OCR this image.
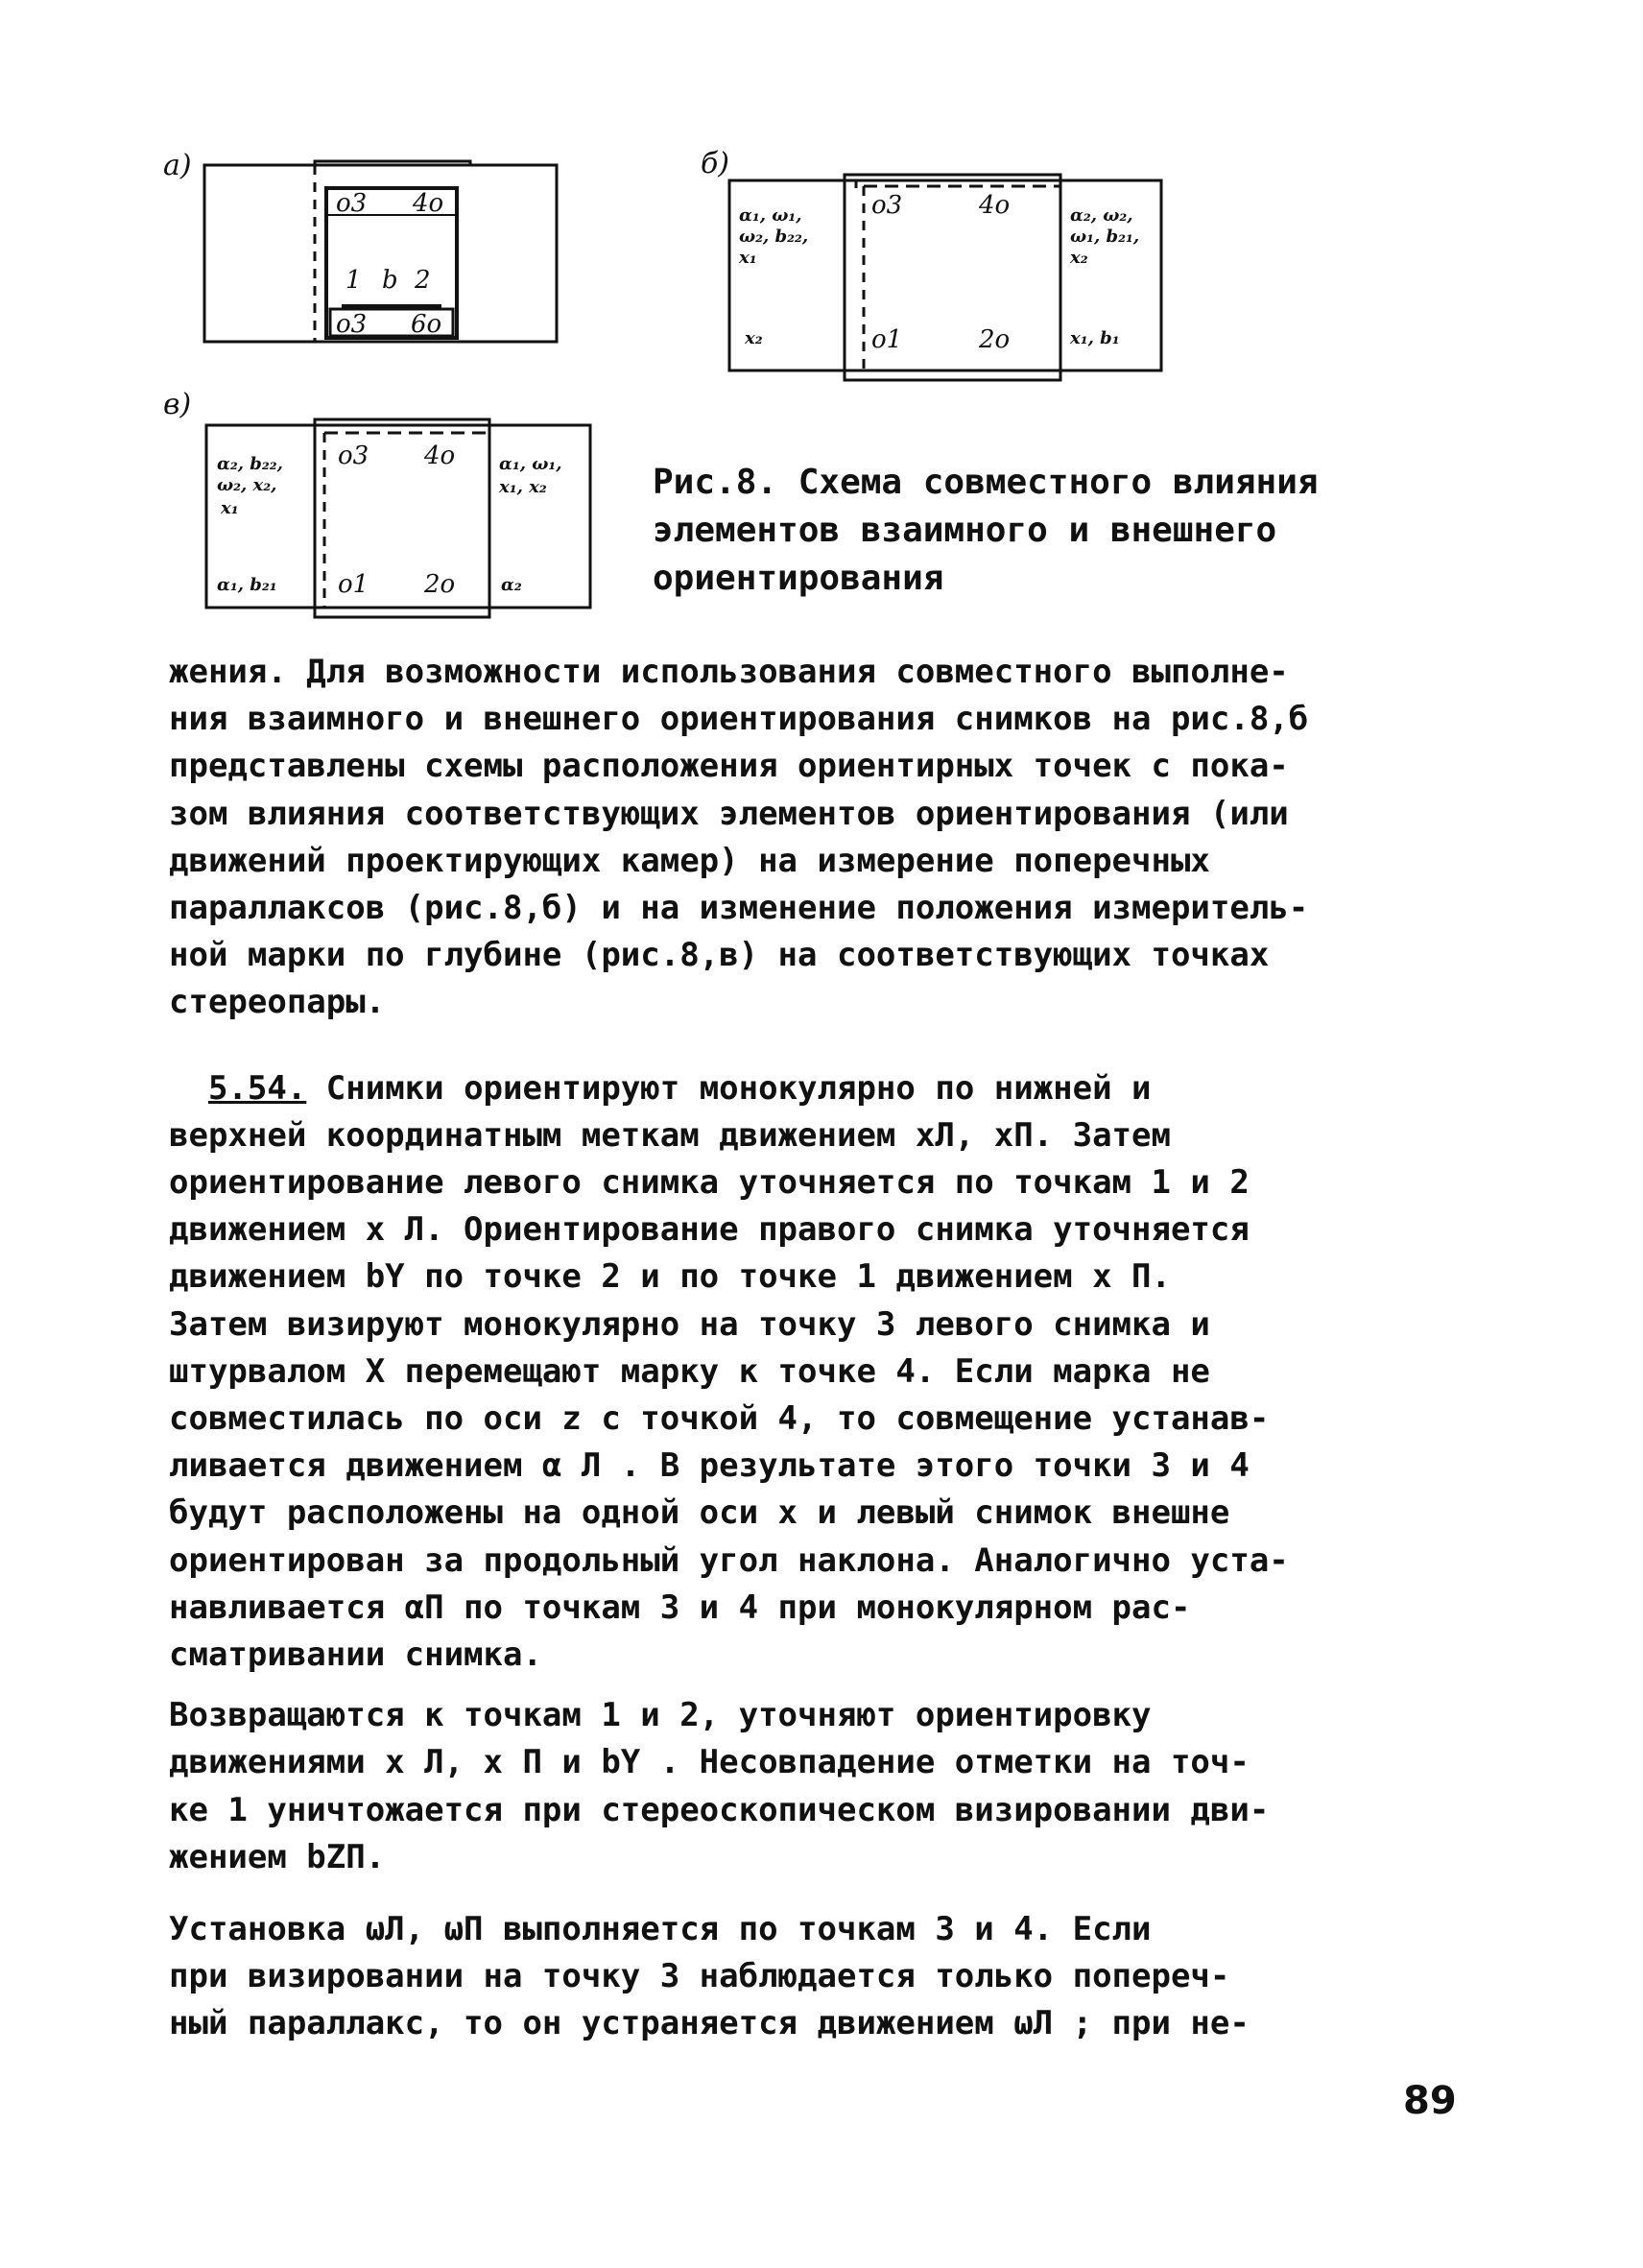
а)
о3 4о
1 b 2
о3 6о
б)
α₁, ω₁,
ω₂, b₂₂,
x₁
x₂
о3	4о
о1	2о
α₂, ω₂,
ω₁, b₂₁,
x₂
x₁, b₁
в)
α₂, b₂₂,
ω₂, x₂,
x₁
α₁, b₂₁
о3 4о
о1 2о
α₁, ω₁,
x₁, x₂
α₂
Рис.8. Схема совместного влияния
элементов взаимного и внешнего
ориентирования
жения. Для возможности использования совместного выполне-
ния взаимного и внешнего ориентирования снимков на рис.8,б
представлены схемы расположения ориентирных точек с пока-
зом влияния соответствующих элементов ориентирования (или
движений проектирующих камер) на измерение поперечных
параллаксов (рис.8,б) и на изменение положения измеритель-
ной марки по глубине (рис.8,в) на соответствующих точках
стереопары.
5.54. Снимки ориентируют монокулярно по нижней и
верхней координатным меткам движением xЛ, xП. Затем
ориентирование левого снимка уточняется по точкам 1 и 2
движением x Л. Ориентирование правого снимка уточняется
движением bY по точке 2 и по точке 1 движением x П.
Затем визируют монокулярно на точку 3 левого снимка и
штурвалом X перемещают марку к точке 4. Если марка не
совместилась по оси z с точкой 4, то совмещение устанав-
ливается движением α Л . В результате этого точки 3 и 4
будут расположены на одной оси x и левый снимок внешне
ориентирован за продольный угол наклона. Аналогично уста-
навливается αП по точкам 3 и 4 при монокулярном рас-
сматривании снимка.
Возвращаются к точкам 1 и 2, уточняют ориентировку
движениями x Л, x П и bY . Несовпадение отметки на точ-
ке 1 уничтожается при стереоскопическом визировании дви-
жением bZП.
Установка ωЛ, ωП выполняется по точкам 3 и 4. Если
при визировании на точку 3 наблюдается только попереч-
ный параллакс, то он устраняется движением ωЛ ; при не-
89
